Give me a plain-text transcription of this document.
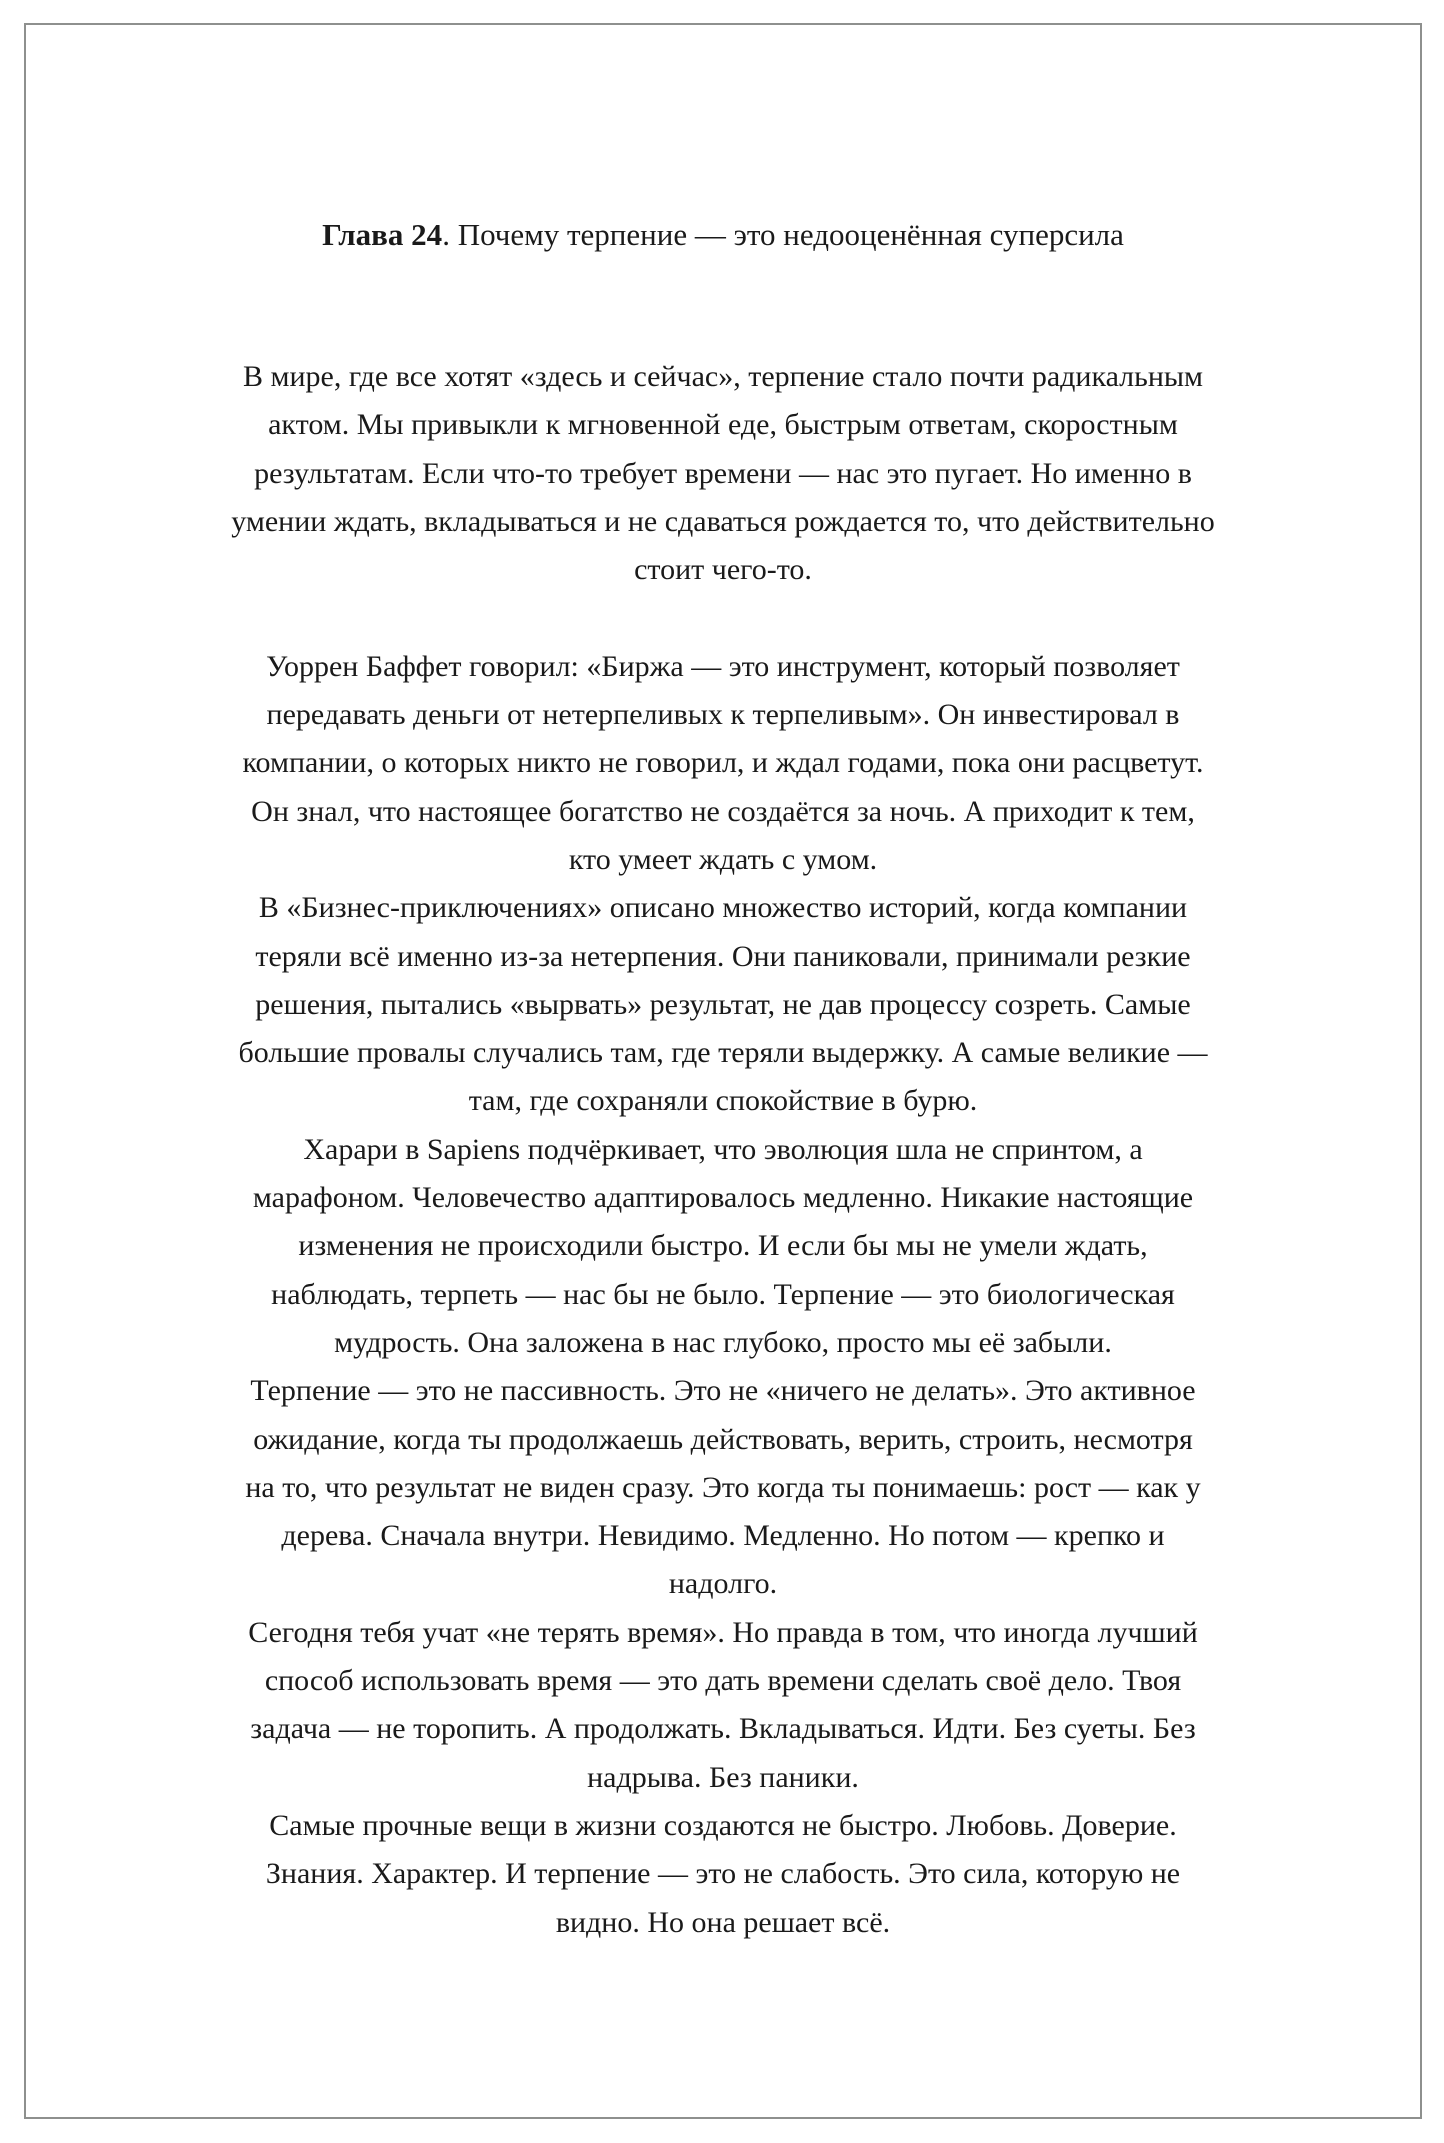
Глава 24. Почему терпение — это недооценённая суперсила

В мире, где все хотят «здесь и сейчас», терпение стало почти радикальным
актом. Мы привыкли к мгновенной еде, быстрым ответам, скоростным
результатам. Если что-то требует времени — нас это пугает. Но именно в
умении ждать, вкладываться и не сдаваться рождается то, что действительно
стоит чего-то.

Уоррен Баффет говорил: «Биржа — это инструмент, который позволяет
передавать деньги от нетерпеливых к терпеливым». Он инвестировал в
компании, о которых никто не говорил, и ждал годами, пока они расцветут.
Он знал, что настоящее богатство не создаётся за ночь. А приходит к тем,
кто умеет ждать с умом.

В «Бизнес-приключениях» описано множество историй, когда компании
теряли всё именно из-за нетерпения. Они паниковали, принимали резкие
решения, пытались «вырвать» результат, не дав процессу созреть. Самые
большие провалы случались там, где теряли выдержку. А самые великие —
там, где сохраняли спокойствие в бурю.

Харари в Sapiens подчёркивает, что эволюция шла не спринтом, а
марафоном. Человечество адаптировалось медленно. Никакие настоящие
изменения не происходили быстро. И если бы мы не умели ждать,
наблюдать, терпеть — нас бы не было. Терпение — это биологическая
мудрость. Она заложена в нас глубоко, просто мы её забыли.

Терпение — это не пассивность. Это не «ничего не делать». Это активное
ожидание, когда ты продолжаешь действовать, верить, строить, несмотря
на то, что результат не виден сразу. Это когда ты понимаешь: рост — как у
дерева. Сначала внутри. Невидимо. Медленно. Но потом — крепко и
надолго.

Сегодня тебя учат «не терять время». Но правда в том, что иногда лучший
способ использовать время — это дать времени сделать своё дело. Твоя
задача — не торопить. А продолжать. Вкладываться. Идти. Без суеты. Без
надрыва. Без паники.

Самые прочные вещи в жизни создаются не быстро. Любовь. Доверие.
Знания. Характер. И терпение — это не слабость. Это сила, которую не
видно. Но она решает всё.
